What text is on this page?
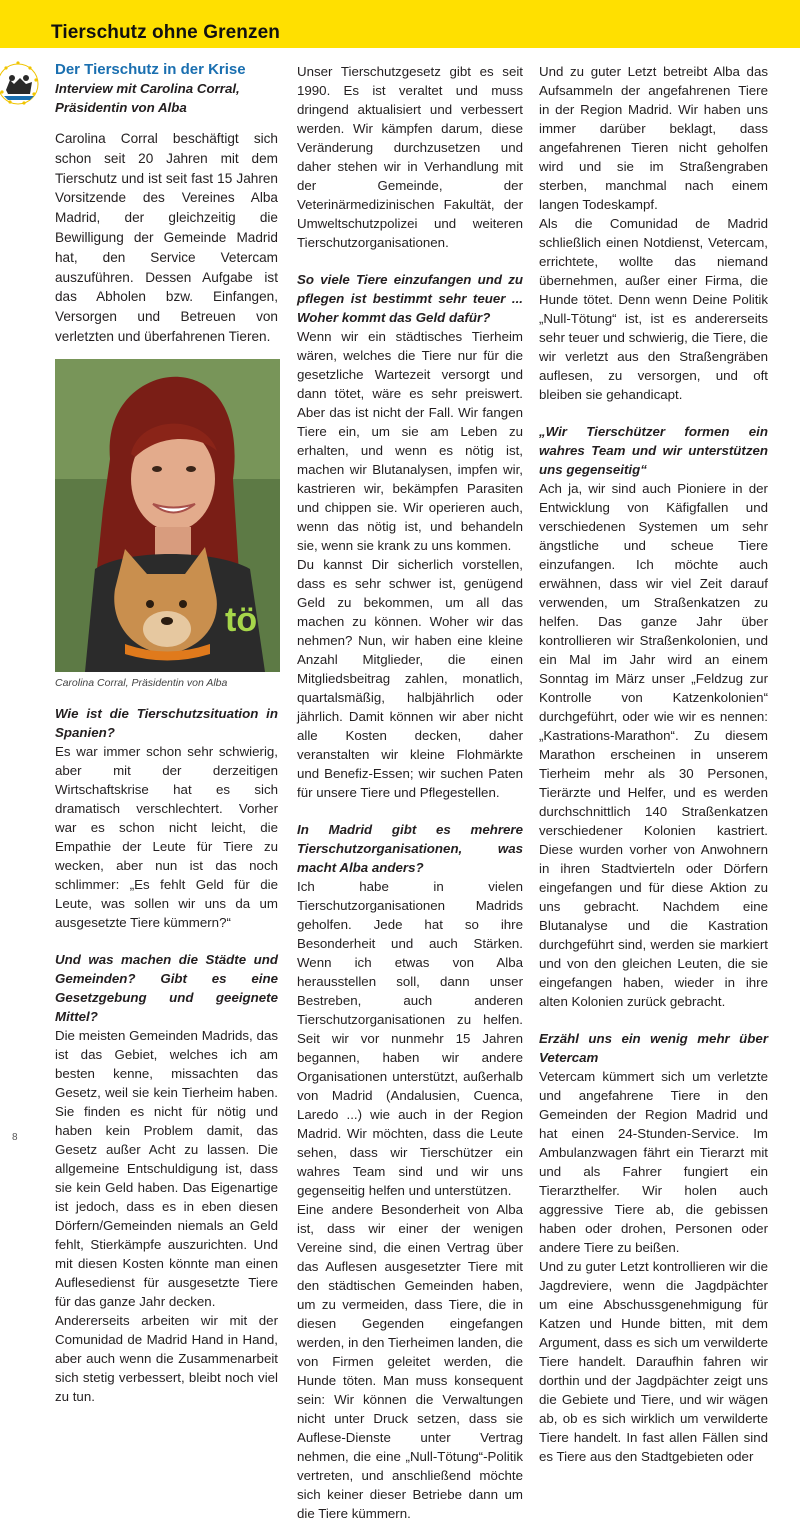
Tierschutz ohne Grenzen
Der Tierschutz in der Krise
Interview mit Carolina Corral, Präsidentin von Alba

Carolina Corral beschäftigt sich schon seit 20 Jahren mit dem Tierschutz und ist seit fast 15 Jahren Vorsitzende des Vereines Alba Madrid, der gleichzeitig die Bewilligung der Gemeinde Madrid hat, den Service Vetercam auszuführen. Dessen Aufgabe ist das Abholen bzw. Einfangen, Versorgen und Betreuen von verletzten und überfahrenen Tieren.

tö
Carolina Corral, Präsidentin von Alba

Wie ist die Tierschutzsituation in Spanien?

Es war immer schon sehr schwierig, aber mit der derzeitigen Wirtschaftskrise hat es sich dramatisch verschlechtert. Vorher war es schon nicht leicht, die Empathie der Leute für Tiere zu wecken, aber nun ist das noch schlimmer: „Es fehlt Geld für die Leute, was sollen wir uns da um ausgesetzte Tiere kümmern?“

Und was machen die Städte und Gemeinden? Gibt es eine Gesetzgebung und geeignete Mittel?

Die meisten Gemeinden Madrids, das ist das Gebiet, welches ich am besten kenne, missachten das Gesetz, weil sie kein Tierheim haben. Sie finden es nicht für nötig und haben kein Problem damit, das Gesetz außer Acht zu lassen. Die allgemeine Entschuldigung ist, dass sie kein Geld haben. Das Eigenartige ist jedoch, dass es in eben diesen Dörfern/Gemeinden niemals an Geld fehlt, Stierkämpfe auszurichten. Und mit diesen Kosten könnte man einen Auflesedienst für ausgesetzte Tiere für das ganze Jahr decken.

Andererseits arbeiten wir mit der Comunidad de Madrid Hand in Hand, aber auch wenn die Zusammenarbeit sich stetig verbessert, bleibt noch viel zu tun.

Unser Tierschutzgesetz gibt es seit 1990. Es ist veraltet und muss dringend aktualisiert und verbessert werden. Wir kämpfen darum, diese Veränderung durchzusetzen und daher stehen wir in Verhandlung mit der Gemeinde, der Veterinärmedizinischen Fakultät, der Umweltschutzpolizei und weiteren Tierschutzorganisationen.

So viele Tiere einzufangen und zu pflegen ist bestimmt sehr teuer ... Woher kommt das Geld dafür?

Wenn wir ein städtisches Tierheim wären, welches die Tiere nur für die gesetzliche Wartezeit versorgt und dann tötet, wäre es sehr preiswert. Aber das ist nicht der Fall. Wir fangen Tiere ein, um sie am Leben zu erhalten, und wenn es nötig ist, machen wir Blutanalysen, impfen wir, kastrieren wir, bekämpfen Parasiten und chippen sie. Wir operieren auch, wenn das nötig ist, und behandeln sie, wenn sie krank zu uns kommen.

Du kannst Dir sicherlich vorstellen, dass es sehr schwer ist, genügend Geld zu bekommen, um all das machen zu können. Woher wir das nehmen? Nun, wir haben eine kleine Anzahl Mitglieder, die einen Mitgliedsbeitrag zahlen, monatlich, quartalsmäßig, halbjährlich oder jährlich. Damit können wir aber nicht alle Kosten decken, daher veranstalten wir kleine Flohmärkte und Benefiz-Essen; wir suchen Paten für unsere Tiere und Pflegestellen.

In Madrid gibt es mehrere Tierschutzorganisationen, was macht Alba anders?

Ich habe in vielen Tierschutzorganisationen Madrids geholfen. Jede hat so ihre Besonderheit und auch Stärken. Wenn ich etwas von Alba herausstellen soll, dann unser Bestreben, auch anderen Tierschutzorganisationen zu helfen. Seit wir vor nunmehr 15 Jahren begannen, haben wir andere Organisationen unterstützt, außerhalb von Madrid (Andalusien, Cuenca, Laredo ...) wie auch in der Region Madrid. Wir möchten, dass die Leute sehen, dass wir Tierschützer ein wahres Team sind und wir uns gegenseitig helfen und unterstützen.

Eine andere Besonderheit von Alba ist, dass wir einer der wenigen Vereine sind, die einen Vertrag über das Auflesen ausgesetzter Tiere mit den städtischen Gemeinden haben, um zu vermeiden, dass Tiere, die in diesen Gegenden eingefangen werden, in den Tierheimen landen, die von Firmen geleitet werden, die Hunde töten. Man muss konsequent sein: Wir können die Verwaltungen nicht unter Druck setzen, dass sie Auflese-Dienste unter Vertrag nehmen, die eine „Null-Tötung“-Politik vertreten, und anschließend möchte sich keiner dieser Betriebe dann um die Tiere kümmern.

Und zu guter Letzt betreibt Alba das Aufsammeln der angefahrenen Tiere in der Region Madrid. Wir haben uns immer darüber beklagt, dass angefahrenen Tieren nicht geholfen wird und sie im Straßengraben sterben, manchmal nach einem langen Todeskampf.

Als die Comunidad de Madrid schließlich einen Notdienst, Vetercam, errichtete, wollte das niemand übernehmen, außer einer Firma, die Hunde tötet. Denn wenn Deine Politik „Null-Tötung“ ist, ist es andererseits sehr teuer und schwierig, die Tiere, die wir verletzt aus den Straßengräben auflesen, zu versorgen, und oft bleiben sie gehandicapt.

„Wir Tierschützer formen ein wahres Team und wir unterstützen uns gegenseitig“

Ach ja, wir sind auch Pioniere in der Entwicklung von Käfigfallen und verschiedenen Systemen um sehr ängstliche und scheue Tiere einzufangen. Ich möchte auch erwähnen, dass wir viel Zeit darauf verwenden, um Straßenkatzen zu helfen. Das ganze Jahr über kontrollieren wir Straßenkolonien, und ein Mal im Jahr wird an einem Sonntag im März unser „Feldzug zur Kontrolle von Katzenkolonien“ durchgeführt, oder wie wir es nennen: „Kastrations-Marathon“. Zu diesem Marathon erscheinen in unserem Tierheim mehr als 30 Personen, Tierärzte und Helfer, und es werden durchschnittlich 140 Straßenkatzen verschiedener Kolonien kastriert. Diese wurden vorher von Anwohnern in ihren Stadtvierteln oder Dörfern eingefangen und für diese Aktion zu uns gebracht. Nachdem eine Blutanalyse und die Kastration durchgeführt sind, werden sie markiert und von den gleichen Leuten, die sie eingefangen haben, wieder in ihre alten Kolonien zurück gebracht.

Erzähl uns ein wenig mehr über Vetercam

Vetercam kümmert sich um verletzte und angefahrene Tiere in den Gemeinden der Region Madrid und hat einen 24-Stunden-Service. Im Ambulanzwagen fährt ein Tierarzt mit und als Fahrer fungiert ein Tierarzthelfer. Wir holen auch aggressive Tiere ab, die gebissen haben oder drohen, Personen oder andere Tiere zu beißen.

Und zu guter Letzt kontrollieren wir die Jagdreviere, wenn die Jagdpächter um eine Abschussgenehmigung für Katzen und Hunde bitten, mit dem Argument, dass es sich um verwilderte Tiere handelt. Daraufhin fahren wir dorthin und der Jagdpächter zeigt uns die Gebiete und Tiere, und wir wägen ab, ob es sich wirklich um verwilderte Tiere handelt. In fast allen Fällen sind es Tiere aus den Stadtgebieten oder

8
